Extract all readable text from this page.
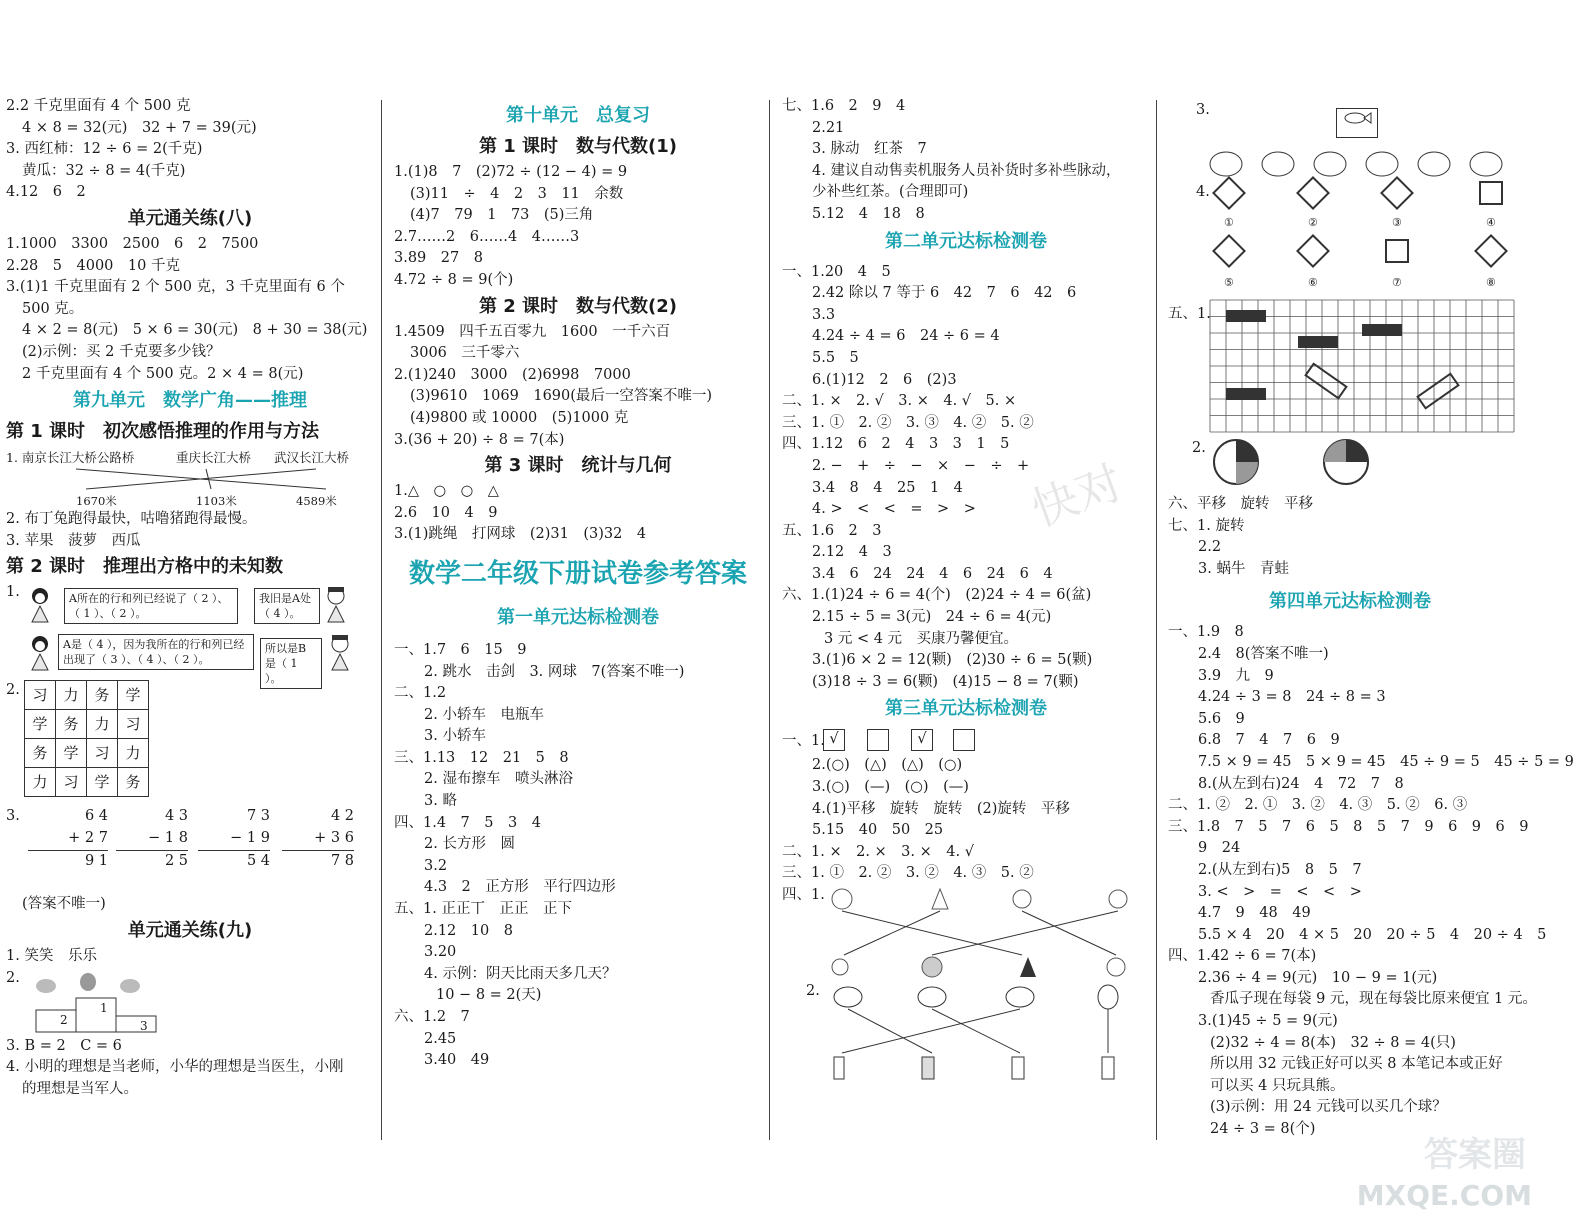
2.2 千克里面有 4 个 500 克
4 × 8 = 32(元)　32 + 7 = 39(元)
3. 西红柿：12 ÷ 6 = 2(千克)
黄瓜：32 ÷ 8 = 4(千克)
4.12　6　2
单元通关练(八)
1.1000　3300　2500　6　2　7500
2.28　5　4000　10 千克
3.(1)1 千克里面有 2 个 500 克，3 千克里面有 6 个
500 克。
4 × 2 = 8(元)　5 × 6 = 30(元)　8 + 30 = 38(元)
(2)示例：买 2 千克要多少钱？
2 千克里面有 4 个 500 克。2 × 4 = 8(元)
第九单元　数学广角——推理
第 1 课时　初次感悟推理的作用与方法
1. 南京长江大桥公路桥	重庆长江大桥 武汉长江大桥
1670米	1103米	4589米
2. 布丁兔跑得最快，咕噜猪跑得最慢。
3. 苹果　菠萝　西瓜
第 2 课时　推理出方格中的未知数
1.	A所在的行和列已经说了（ 2 ）、（ 1 ）、（ 2 ）。
我旧是A处（ 4 ）。
A是（ 4 ），因为我所在的行和列已经出现了（ 3 ）、（ 4 ）、（ 2 ）。
所以是B是（ 1 ）。
2. 习	力	务	学
学	务	力	习
务	学	习	力
力	习	学	务
3.	6 4
+ 2 7
9 1
4 3
− 1 8
2 5
7 3
− 1 9
5 4
4 2
+ 3 6
7 8
(答案不唯一)
单元通关练(九)
1. 笑笑　乐乐
2.
2
1
3
3. B = 2　C = 6
4. 小明的理想是当老师，小华的理想是当医生，小刚
的理想是当军人。
第十单元　总复习
第 1 课时　数与代数(1)
1.(1)8　7　(2)72 ÷ (12 − 4) = 9
(3)11　÷　4　2　3　11　余数
(4)7　79　1　73　(5)三角
2.7……2　6……4　4……3
3.89　27　8
4.72 ÷ 8 = 9(个)
第 2 课时　数与代数(2)
1.4509　四千五百零九　1600　一千六百
3006　三千零六
2.(1)240　3000　(2)6998　7000
(3)9610　1069　1690(最后一空答案不唯一)
(4)9800 或 10000　(5)1000 克
3.(36 + 20) ÷ 8 = 7(本)
第 3 课时　统计与几何
1.△　○　○　△
2.6　10　4　9
3.(1)跳绳　打网球　(2)31　(3)32　4
数学二年级下册试卷参考答案
第一单元达标检测卷
一、1.7　6　15　9
2. 跳水　击剑　3. 网球　7(答案不唯一)
二、1.2
2. 小轿车　电瓶车
3. 小轿车
三、1.13　12　21　5　8
2. 湿布擦车　喷头淋浴
3. 略
四、1.4　7　5　3　4
2. 长方形　圆
3.2
4.3　2　正方形　平行四边形
五、1. 正正丅　正正　正下
2.12　10　8
3.20
4. 示例：阴天比雨天多几天？
10 − 8 = 2(天)
六、1.2　7
2.45
3.40　49
七、1.6　2　9　4
2.21
3. 脉动　红茶　7
4. 建议自动售卖机服务人员补货时多补些脉动，
少补些红茶。(合理即可)
5.12　4　18　8
第二单元达标检测卷
一、1.20　4　5
2.42 除以 7 等于 6　42　7　6　42　6
3.3
4.24 ÷ 4 = 6　24 ÷ 6 = 4
5.5　5
6.(1)12　2　6　(2)3
二、1. ×　2. √　3. ×　4. √　5. ×
三、1. ①　2. ②　3. ③　4. ②　5. ②
四、1.12　6　2　4　3　3　1　5
2. −　+　÷　−　×　−　÷　+
3.4　8　4　25　1　4
4. >　<　<　=　>　>
五、1.6　2　3
2.12　4　3
3.4　6　24　24　4　6　24　6　4
六、1.(1)24 ÷ 6 = 4(个)　(2)24 ÷ 4 = 6(盆)
2.15 ÷ 5 = 3(元)　24 ÷ 6 = 4(元)
3 元 < 4 元　买康乃馨便宜。
3.(1)6 × 2 = 12(颗)　(2)30 ÷ 6 = 5(颗)
(3)18 ÷ 3 = 6(颗)　(4)15 − 8 = 7(颗)
第三单元达标检测卷
一、1. √	√
2.(○)　(△)　(△)　(○)
3.(○)　(—)　(○)　(—)
4.(1)平移　旋转　旋转　(2)旋转　平移
5.15　40　50　25
二、1. ×　2. ×　3. ×　4. √
三、1. ①　2. ②　3. ②　4. ③　5. ②
四、1.
2.
快对
3.
4.
①	②	③	④
⑤	⑥	⑦	⑧
五、1.
2.
六、平移　旋转　平移
七、1. 旋转
2.2
3. 蜗牛　青蛙
第四单元达标检测卷
一、1.9　8
2.4　8(答案不唯一)
3.9　九　9
4.24 ÷ 3 = 8　24 ÷ 8 = 3
5.6　9
6.8　7　4　7　6　9
7.5 × 9 = 45　5 × 9 = 45　45 ÷ 9 = 5　45 ÷ 5 = 9
8.(从左到右)24　4　72　7　8
二、1. ②　2. ①　3. ②　4. ③　5. ②　6. ③
三、1.8　7　5　7　6　5　8　5　7　9　6　9　6　9
9　24
2.(从左到右)5　8　5　7
3. <　>　=　<　<　>
4.7　9　48　49
5.5 × 4　20　4 × 5　20　20 ÷ 5　4　20 ÷ 4　5
四、1.42 ÷ 6 = 7(本)
2.36 ÷ 4 = 9(元)　10 − 9 = 1(元)
香瓜子现在每袋 9 元，现在每袋比原来便宜 1 元。
3.(1)45 ÷ 5 = 9(元)
(2)32 ÷ 4 = 8(本)　32 ÷ 8 = 4(只)
所以用 32 元钱正好可以买 8 本笔记本或正好
可以买 4 只玩具熊。
(3)示例：用 24 元钱可以买几个球？
24 ÷ 3 = 8(个)
答案圈
MXQE.COM
